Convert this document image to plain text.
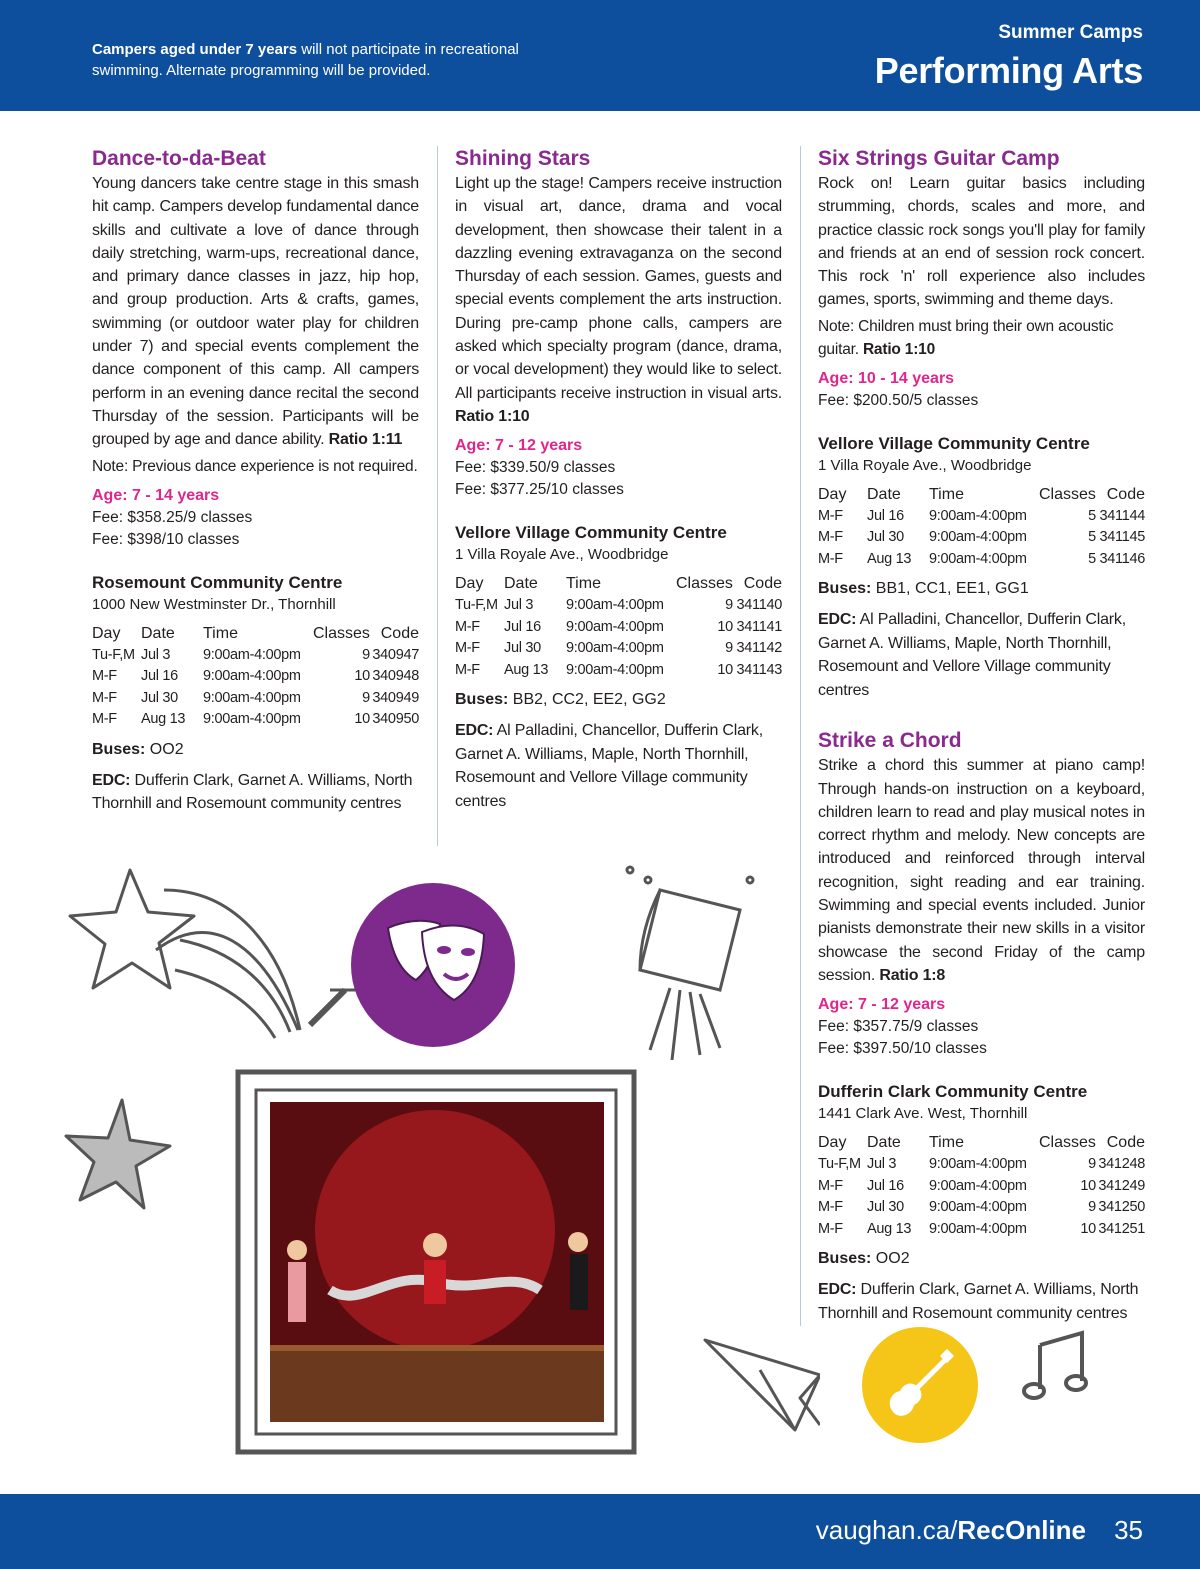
Campers aged under 7 years will not participate in recreational swimming. Alternate programming will be provided.
Summer Camps
Performing Arts
Dance-to-da-Beat

Young dancers take centre stage in this smash hit camp. Campers develop fundamental dance skills and cultivate a love of dance through daily stretching, warm-ups, recreational dance, and primary dance classes in jazz, hip hop, and group production. Arts & crafts, games, swimming (or outdoor water play for children under 7) and special events complement the dance component of this camp. All campers perform in an evening dance recital the second Thursday of the session. Participants will be grouped by age and dance ability. Ratio 1:11

Note: Previous dance experience is not required.

Age: 7 - 14 years

Fee: $358.25/9 classes

Fee: $398/10 classes

Rosemount Community Centre

1000 New Westminster Dr., Thornhill

Day	Date	Time	Classes	Code
Tu-F,M	Jul 3	9:00am-4:00pm	9	340947
M-F	Jul 16	9:00am-4:00pm	10	340948
M-F	Jul 30	9:00am-4:00pm	9	340949
M-F	Aug 13	9:00am-4:00pm	10	340950

Buses: OO2

EDC: Dufferin Clark, Garnet A. Williams, North Thornhill and Rosemount community centres

Shining Stars

Light up the stage! Campers receive instruction in visual art, dance, drama and vocal development, then showcase their talent in a dazzling evening extravaganza on the second Thursday of each session. Games, guests and special events complement the arts instruction. During pre-camp phone calls, campers are asked which specialty program (dance, drama, or vocal development) they would like to select. All participants receive instruction in visual arts. Ratio 1:10

Age: 7 - 12 years

Fee: $339.50/9 classes

Fee: $377.25/10 classes

Vellore Village Community Centre

1 Villa Royale Ave., Woodbridge

Day	Date	Time	Classes	Code
Tu-F,M	Jul 3	9:00am-4:00pm	9	341140
M-F	Jul 16	9:00am-4:00pm	10	341141
M-F	Jul 30	9:00am-4:00pm	9	341142
M-F	Aug 13	9:00am-4:00pm	10	341143

Buses: BB2, CC2, EE2, GG2

EDC: Al Palladini, Chancellor, Dufferin Clark, Garnet A. Williams, Maple, North Thornhill, Rosemount and Vellore Village community centres

Six Strings Guitar Camp

Rock on! Learn guitar basics including strumming, chords, scales and more, and practice classic rock songs you'll play for family and friends at an end of session rock concert. This rock 'n' roll experience also includes games, sports, swimming and theme days.

Note: Children must bring their own acoustic guitar. Ratio 1:10

Age: 10 - 14 years

Fee: $200.50/5 classes

Vellore Village Community Centre

1 Villa Royale Ave., Woodbridge

Day	Date	Time	Classes	Code
M-F	Jul 16	9:00am-4:00pm	5	341144
M-F	Jul 30	9:00am-4:00pm	5	341145
M-F	Aug 13	9:00am-4:00pm	5	341146

Buses: BB1, CC1, EE1, GG1

EDC: Al Palladini, Chancellor, Dufferin Clark, Garnet A. Williams, Maple, North Thornhill, Rosemount and Vellore Village community centres

Strike a Chord

Strike a chord this summer at piano camp! Through hands-on instruction on a keyboard, children learn to read and play musical notes in correct rhythm and melody. New concepts are introduced and reinforced through interval recognition, sight reading and ear training. Swimming and special events included. Junior pianists demonstrate their new skills in a visitor showcase the second Friday of the camp session. Ratio 1:8

Age: 7 - 12 years

Fee: $357.75/9 classes

Fee: $397.50/10 classes

Dufferin Clark Community Centre

1441 Clark Ave. West, Thornhill

Day	Date	Time	Classes	Code
Tu-F,M	Jul 3	9:00am-4:00pm	9	341248
M-F	Jul 16	9:00am-4:00pm	10	341249
M-F	Jul 30	9:00am-4:00pm	9	341250
M-F	Aug 13	9:00am-4:00pm	10	341251

Buses: OO2

EDC: Dufferin Clark, Garnet A. Williams, North Thornhill and Rosemount community centres

vaughan.ca/RecOnline 35
